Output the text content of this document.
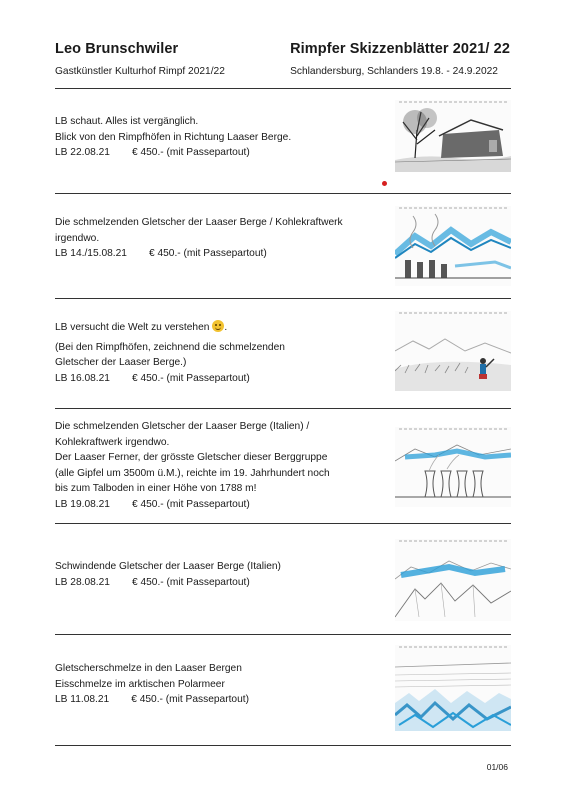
Leo Brunschwiler
Gastkünstler Kulturhof Rimpf 2021/22
Rimpfer Skizzenblätter 2021/ 22
Schlandersburg, Schlanders 19.8. - 24.9.2022
LB schaut. Alles ist vergänglich.
Blick von den Rimpfhöfen in Richtung Laaser Berge.
LB 22.08.21 € 450.- (mit Passepartout)
Die schmelzenden Gletscher der Laaser Berge / Kohlekraftwerk
irgendwo.
LB 14./15.08.21 € 450.- (mit Passepartout)
LB versucht die Welt zu verstehen .
(Bei den Rimpfhöfen, zeichnend die schmelzenden
Gletscher der Laaser Berge.)
LB 16.08.21 € 450.- (mit Passepartout)
Die schmelzenden Gletscher der Laaser Berge (Italien) /
Kohlekraftwerk irgendwo.
Der Laaser Ferner, der grösste Gletscher dieser Berggruppe
(alle Gipfel um 3500m ü.M.), reichte im 19. Jahrhundert noch
bis zum Talboden in einer Höhe von 1788 m!
LB 19.08.21 € 450.- (mit Passepartout)
Schwindende Gletscher der Laaser Berge (Italien)
LB 28.08.21 € 450.- (mit Passepartout)
Gletscherschmelze in den Laaser Bergen
Eisschmelze im arktischen Polarmeer
LB 11.08.21 € 450.- (mit Passepartout)
01/06
